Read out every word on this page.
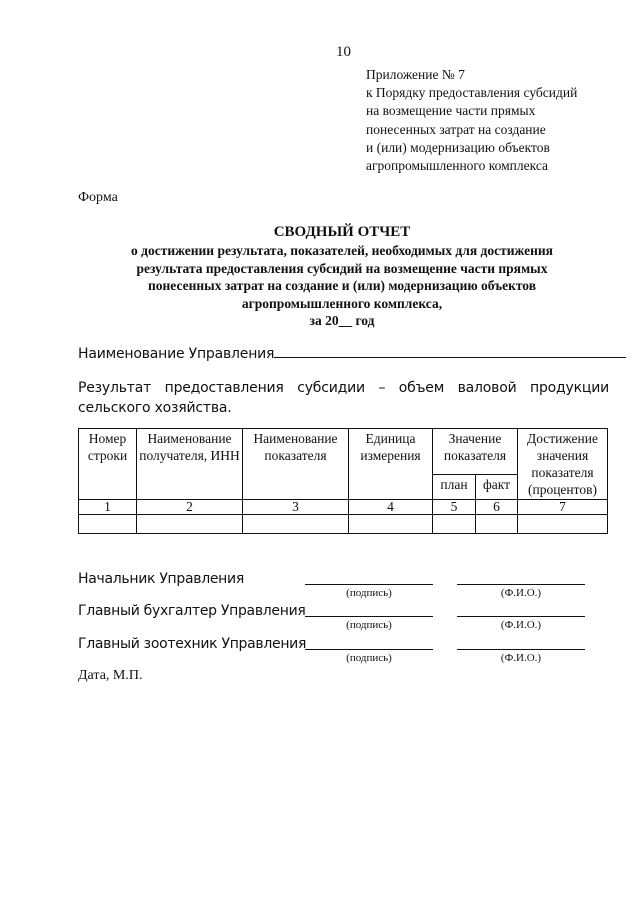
10
Приложение № 7
к Порядку предоставления субсидий
на возмещение части прямых
понесенных затрат на создание
и (или) модернизацию объектов
агропромышленного комплекса
Форма
СВОДНЫЙ ОТЧЕТ
о достижении результата, показателей, необходимых для достижения
результата предоставления субсидий на возмещение части прямых
понесенных затрат на создание и (или) модернизацию объектов
агропромышленного комплекса,
за 20__ год
Наименование Управления
Результат предоставления субсидии – объем валовой продукции сельского хозяйства.
Номер строки	Наименование получателя, ИНН	Наименование показателя	Единица измерения	Значение показателя		Достижение значения показателя (процентов)
				план	факт	
1	2	3	4	5	6	7

Начальник Управления
(подпись)	(Ф.И.О.)
Главный бухгалтер Управления
(подпись)	(Ф.И.О.)
Главный зоотехник Управления
(подпись)	(Ф.И.О.)
Дата, М.П.
